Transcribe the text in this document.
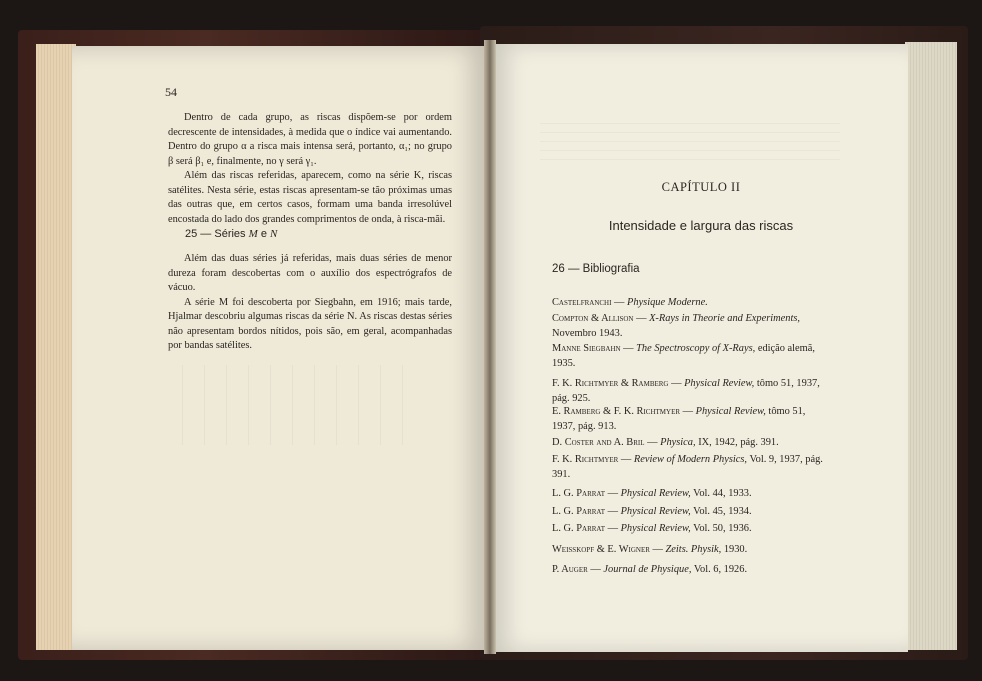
54

Dentro de cada grupo, as riscas dispõem-se por ordem decrescente de intensidades, à medida que o índice vai aumentando. Dentro do grupo α a risca mais intensa será, portanto, α₁; no grupo β será β₁ e, finalmente, no γ será γ₁.

Além das riscas referidas, aparecem, como na série K, riscas satélites. Nesta série, estas riscas apresentam-se tão próximas umas das outras que, em certos casos, formam uma banda irresolúvel encostada do lado dos grandes comprimentos de onda, à risca-mãi.

25 — Séries M e N

Além das duas séries já referidas, mais duas séries de menor dureza foram descobertas com o auxílio dos espectrógrafos de vácuo.

A série M foi descoberta por Siegbahn, em 1916; mais tarde, Hjalmar descobriu algumas riscas da série N. As riscas destas séries não apresentam bordos nítidos, pois são, em geral, acompanhadas por bandas satélites.

CAPÍTULO II
Intensidade e largura das riscas
26 — Bibliografia
Castelfranchi — Physique Moderne.
Compton & Allison — X-Rays in Theorie and Experiments, Novembro 1943.
Manne Siegbahn — The Spectroscopy of X-Rays, edição alemã, 1935.
F. K. Richtmyer & Ramberg — Physical Review, tômo 51, 1937, pág. 925.
E. Ramberg & F. K. Richtmyer — Physical Review, tômo 51, 1937, pág. 913.
D. Coster and A. Bril — Physica, IX, 1942, pág. 391.
F. K. Richtmyer — Review of Modern Physics, Vol. 9, 1937, pág. 391.
L. G. Parrat — Physical Review, Vol. 44, 1933.
L. G. Parrat — Physical Review, Vol. 45, 1934.
L. G. Parrat — Physical Review, Vol. 50, 1936.
Weisskopf & E. Wigner — Zeits. Physik, 1930.
P. Auger — Journal de Physique, Vol. 6, 1926.
